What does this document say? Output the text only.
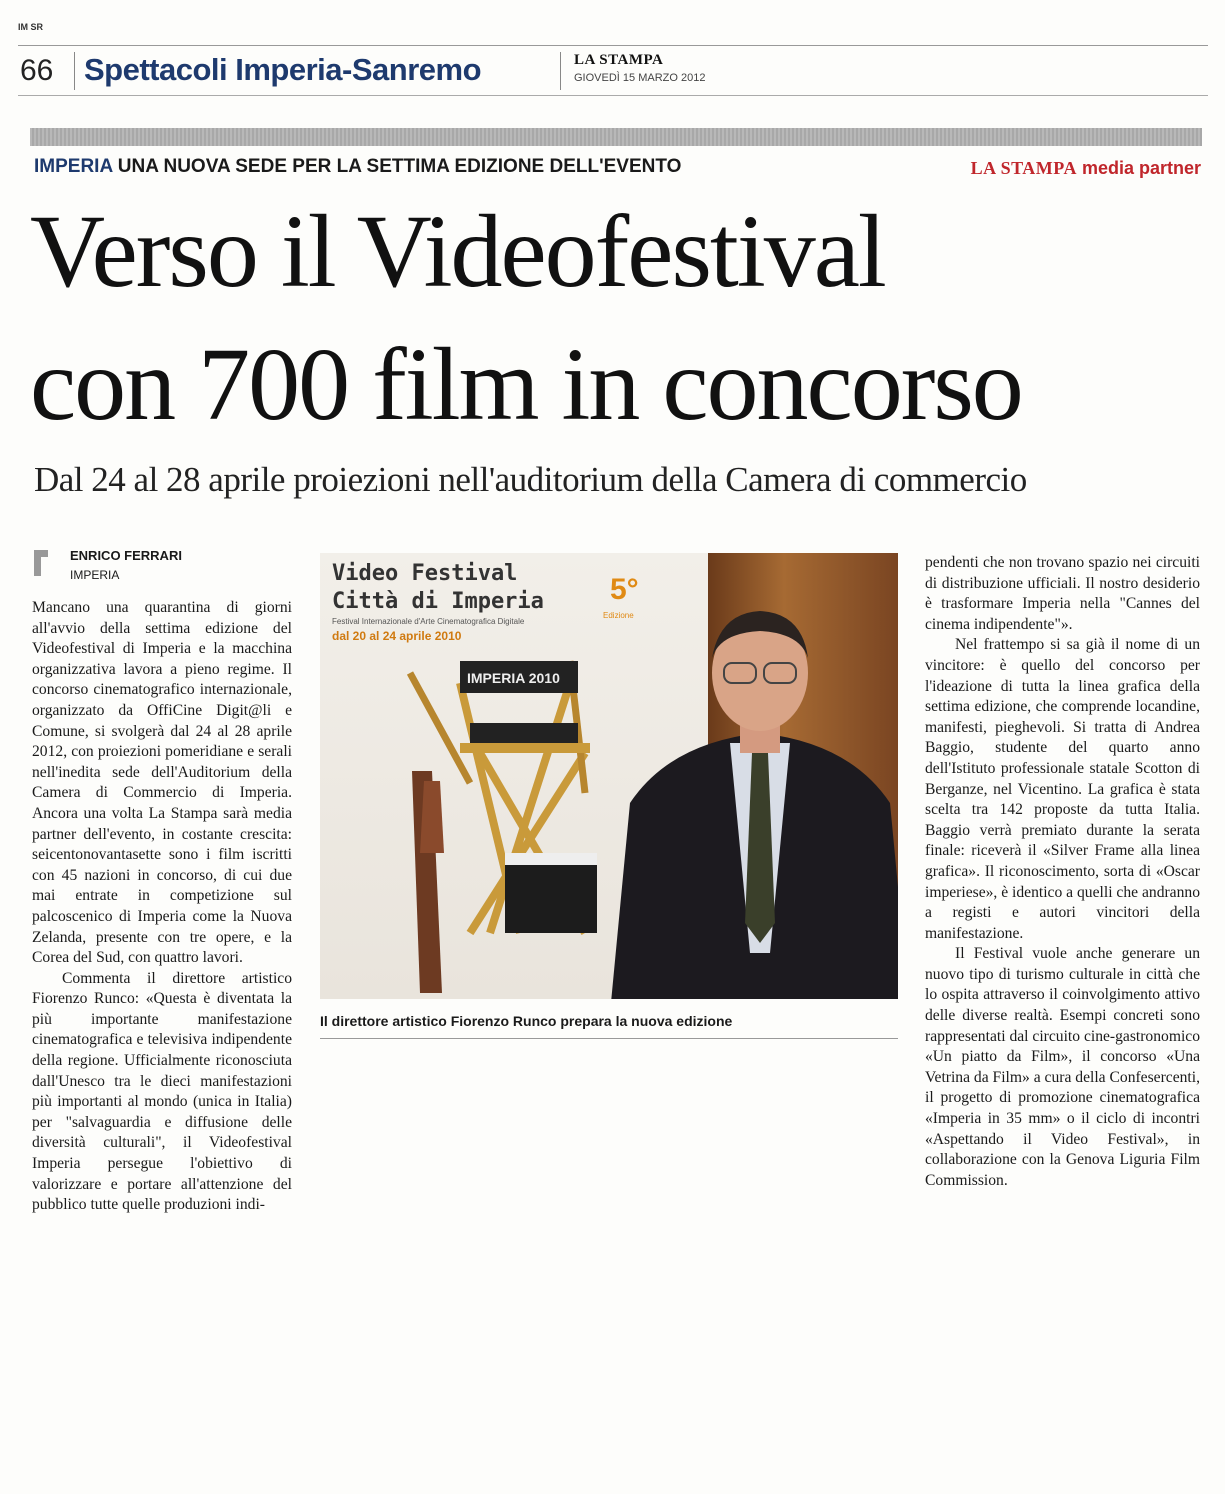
IM SR
66 Spettacoli Imperia-Sanremo	LA STAMPA
GIOVEDÌ 15 MARZO 2012
IMPERIA UNA NUOVA SEDE PER LA SETTIMA EDIZIONE DELL'EVENTO	LA STAMPA media partner
Verso il Videofestival
con 700 film in concorso
Dal 24 al 28 aprile proiezioni nell'auditorium della Camera di commercio
ENRICO FERRARI
IMPERIA

Mancano una quarantina di giorni all'avvio della settima edizione del Videofestival di Imperia e la macchina organizzativa lavora a pieno regime. Il concorso cinematografico internazionale, organizzato da OffiCine Digit@li e Comune, si svolgerà dal 24 al 28 aprile 2012, con proiezioni pomeridiane e serali nell'inedita sede dell'Auditorium della Camera di Commercio di Imperia. Ancora una volta La Stampa sarà media partner dell'evento, in costante crescita: seicentonovantasette sono i film iscritti con 45 nazioni in concorso, di cui due mai entrate in competizione sul palcoscenico di Imperia come la Nuova Zelanda, presente con tre opere, e la Corea del Sud, con quattro lavori.

Commenta il direttore artistico Fiorenzo Runco: «Questa è diventata la più importante manifestazione cinematografica e televisiva indipendente della regione. Ufficialmente riconosciuta dall'Unesco tra le dieci manifestazioni più importanti al mondo (unica in Italia) per "salvaguardia e diffusione delle diversità culturali", il Videofestival Imperia persegue l'obiettivo di valorizzare e portare all'attenzione del pubblico tutte quelle produzioni indi-

Video Festival
Città di Imperia
Festival Internazionale d'Arte Cinematografica Digitale
dal 20 al 24 aprile 2010
5°
Edizione
IMPERIA 2010
Il direttore artistico Fiorenzo Runco prepara la nuova edizione

pendenti che non trovano spazio nei circuiti di distribuzione ufficiali. Il nostro desiderio è trasformare Imperia nella "Cannes del cinema indipendente"».

Nel frattempo si sa già il nome di un vincitore: è quello del concorso per l'ideazione di tutta la linea grafica della settima edizione, che comprende locandine, manifesti, pieghevoli. Si tratta di Andrea Baggio, studente del quarto anno dell'Istituto professionale statale Scotton di Berganze, nel Vicentino. La grafica è stata scelta tra 142 proposte da tutta Italia. Baggio verrà premiato durante la serata finale: riceverà il «Silver Frame alla linea grafica». Il riconoscimento, sorta di «Oscar imperiese», è identico a quelli che andranno a registi e autori vincitori della manifestazione.

Il Festival vuole anche generare un nuovo tipo di turismo culturale in città che lo ospita attraverso il coinvolgimento attivo delle diverse realtà. Esempi concreti sono rappresentati dal circuito cine-gastronomico «Un piatto da Film», il concorso «Una Vetrina da Film» a cura della Confesercenti, il progetto di promozione cinematografica «Imperia in 35 mm» o il ciclo di incontri «Aspettando il Video Festival», in collaborazione con la Genova Liguria Film Commission.
